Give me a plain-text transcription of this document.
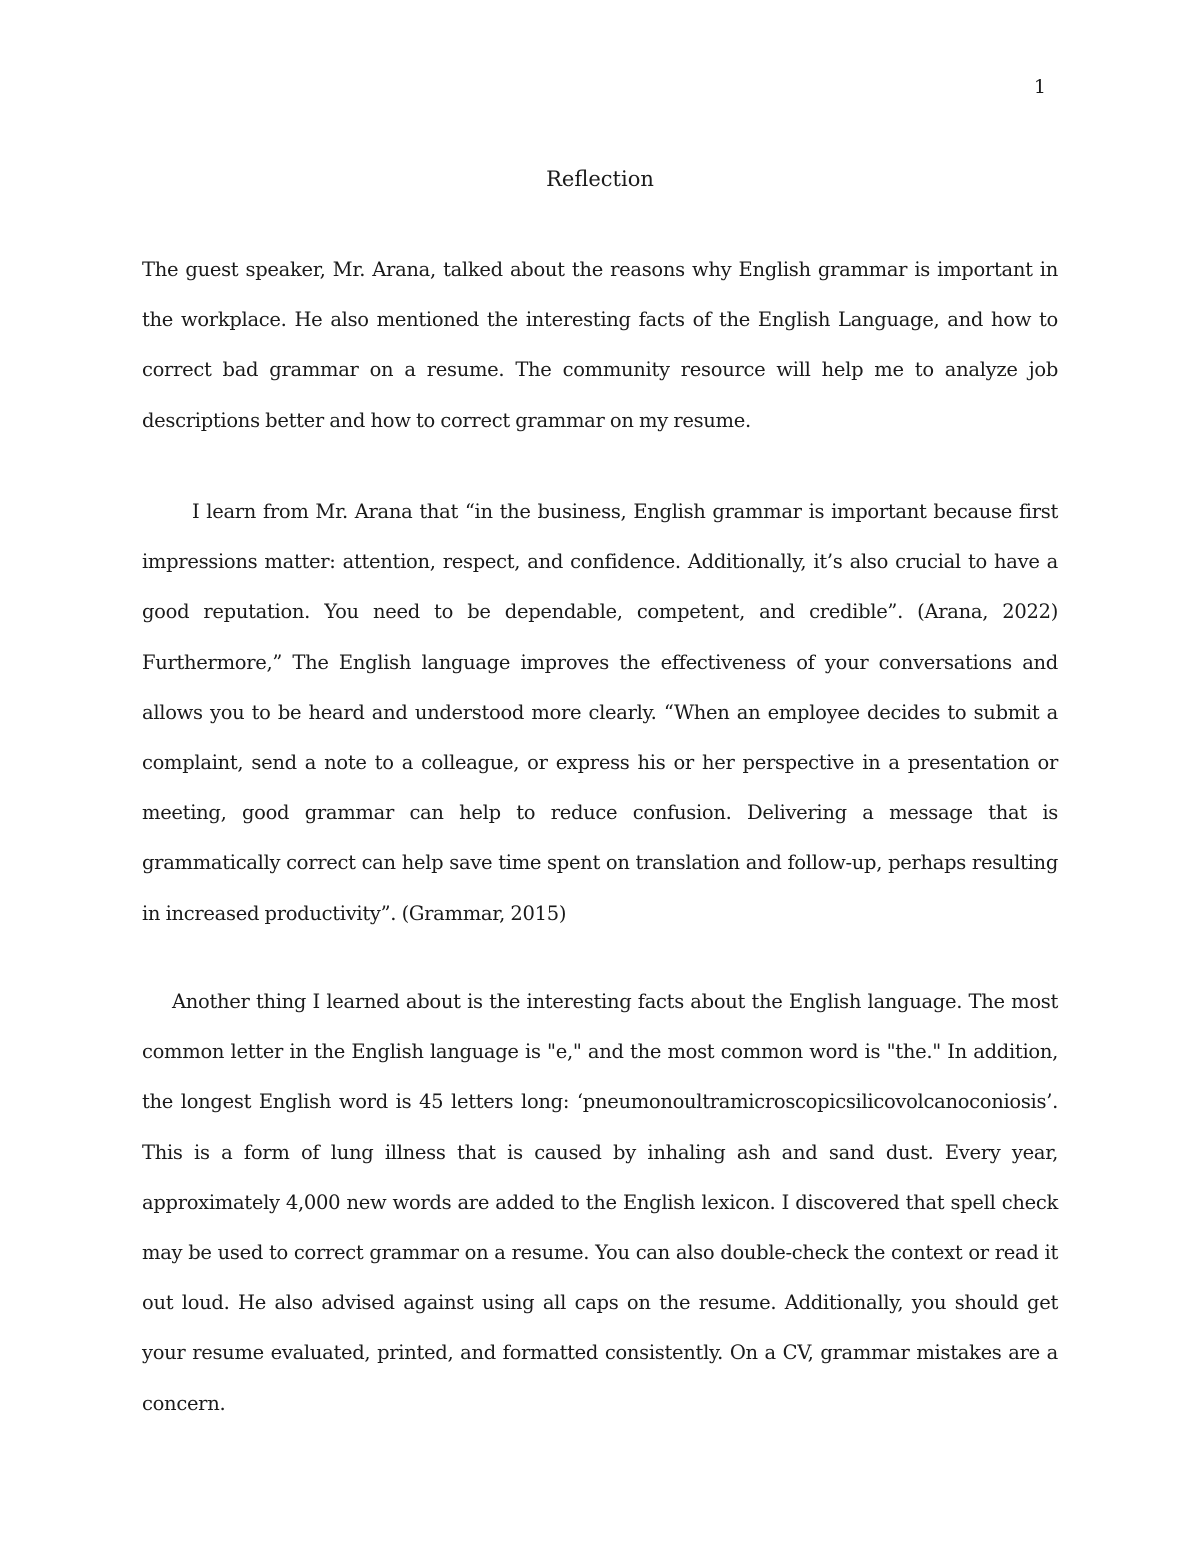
1
Reflection

The guest speaker, Mr. Arana, talked about the reasons why English grammar is important in the workplace. He also mentioned the interesting facts of the English Language, and how to correct bad grammar on a resume. The community resource will help me to analyze job descriptions better and how to correct grammar on my resume.

I learn from Mr. Arana that “in the business, English grammar is important because first impressions matter: attention, respect, and confidence. Additionally, it’s also crucial to have a good reputation. You need to be dependable, competent, and credible”. (Arana, 2022) Furthermore,” The English language improves the effectiveness of your conversations and allows you to be heard and understood more clearly. “When an employee decides to submit a complaint, send a note to a colleague, or express his or her perspective in a presentation or meeting, good grammar can help to reduce confusion. Delivering a message that is grammatically correct can help save time spent on translation and follow-up, perhaps resulting in increased productivity”. (Grammar, 2015)

Another thing I learned about is the interesting facts about the English language. The most common letter in the English language is "e," and the most common word is "the." In addition, the longest English word is 45 letters long: ‘pneumonoultramicroscopicsilicovolcanoconiosis’. This is a form of lung illness that is caused by inhaling ash and sand dust. Every year, approximately 4,000 new words are added to the English lexicon. I discovered that spell check may be used to correct grammar on a resume. You can also double-check the context or read it out loud. He also advised against using all caps on the resume. Additionally, you should get your resume evaluated, printed, and formatted consistently. On a CV, grammar mistakes are a concern.
